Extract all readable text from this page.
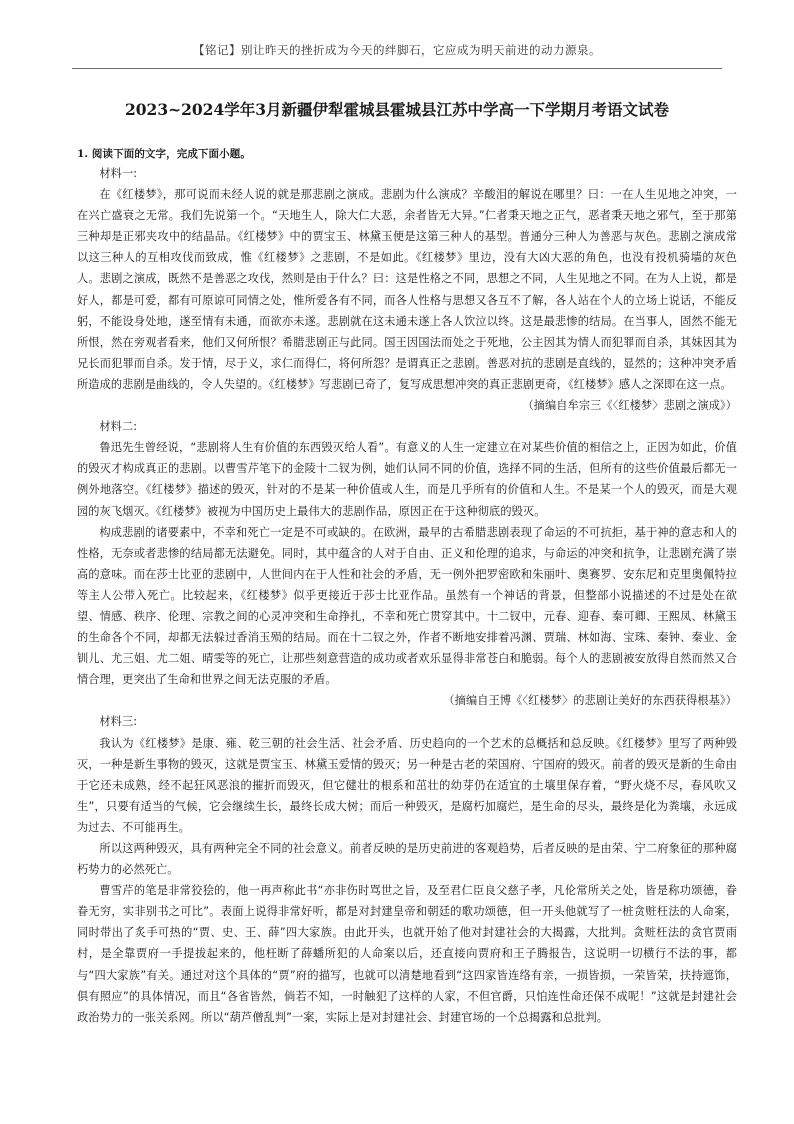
【铭记】别让昨天的挫折成为今天的绊脚石，它应成为明天前进的动力源泉。
2023~2024学年3月新疆伊犁霍城县霍城县江苏中学高一下学期月考语文试卷

1. 阅读下面的文字，完成下面小题。

材料一:

在《红楼梦》，那可说而未经人说的就是那悲剧之演成。悲剧为什么演成？辛酸泪的解说在哪里？曰：一在人生见地之冲突，一在兴亡盛衰之无常。我们先说第一个。“天地生人，除大仁大恶，余者皆无大异。”仁者秉天地之正气，恶者秉天地之邪气，至于那第三种却是正邪夹攻中的结晶品。《红楼梦》中的贾宝玉、林黛玉便是这第三种人的基型。普通分三种人为善恶与灰色。悲剧之演成常以这三种人的互相攻伐而致成，惟《红楼梦》之悲剧，不是如此。《红楼梦》里边，没有大凶大恶的角色，也没有投机骑墙的灰色人。悲剧之演成，既然不是善恶之攻伐，然则是由于什么？曰：这是性格之不同，思想之不同，人生见地之不同。在为人上说，都是好人，都是可爱，都有可原谅可同情之处，惟所爱各有不同，而各人性格与思想又各互不了解，各人站在个人的立场上说话，不能反躬，不能设身处地，遂至情有未通，而欲亦未遂。悲剧就在这未通未遂上各人饮泣以终。这是最悲惨的结局。在当事人，固然不能无所恨，然在旁观者看来，他们又何所恨？希腊悲剧正与此同。国王因国法而处之于死地，公主因其为情人而犯罪而自杀，其妹因其为兄长而犯罪而自杀。发于情，尽于义，求仁而得仁，将何所怨？是谓真正之悲剧。善恶对抗的悲剧是直线的，显然的；这种冲突矛盾所造成的悲剧是曲线的，令人失望的。《红楼梦》写悲剧已奇了，复写成思想冲突的真正悲剧更奇，《红楼梦》感人之深即在这一点。

（摘编自牟宗三《〈红楼梦〉悲剧之演成》）

材料二:

鲁迅先生曾经说，“悲剧将人生有价值的东西毁灭给人看”。有意义的人生一定建立在对某些价值的相信之上，正因为如此，价值的毁灭才构成真正的悲剧。以曹雪芹笔下的金陵十二钗为例，她们认同不同的价值，选择不同的生活，但所有的这些价值最后都无一例外地落空。《红楼梦》描述的毁灭，针对的不是某一种价值或人生，而是几乎所有的价值和人生。不是某一个人的毁灭，而是大观园的灰飞烟灭。《红楼梦》被视为中国历史上最伟大的悲剧作品，原因正在于这种彻底的毁灭。

构成悲剧的诸要素中，不幸和死亡一定是不可或缺的。在欧洲，最早的古希腊悲剧表现了命运的不可抗拒，基于神的意志和人的性格，无奈或者悲惨的结局都无法避免。同时，其中蕴含的人对于自由、正义和伦理的追求，与命运的冲突和抗争，让悲剧充满了崇高的意味。而在莎士比亚的悲剧中，人世间内在于人性和社会的矛盾，无一例外把罗密欧和朱丽叶、奥赛罗、安东尼和克里奥佩特拉等主人公带入死亡。比较起来，《红楼梦》似乎更接近于莎士比亚作品。虽然有一个神话的背景，但整部小说描述的不过是处在欲望、情感、秩序、伦理、宗教之间的心灵冲突和生命挣扎，不幸和死亡贯穿其中。十二钗中，元春、迎春、秦可卿、王熙凤、林黛玉的生命各个不同，却都无法躲过香消玉殒的结局。而在十二钗之外，作者不断地安排着冯渊、贾瑞、林如海、宝珠、秦钟、秦业、金钏儿、尤三姐、尤二姐、晴雯等的死亡，让那些刻意营造的成功或者欢乐显得非常苍白和脆弱。每个人的悲剧被安放得自然而然又合情合理，更突出了生命和世界之间无法克服的矛盾。

（摘编自王博《〈红楼梦〉的悲剧让美好的东西获得根基》）

材料三:

我认为《红楼梦》是康、雍、乾三朝的社会生活、社会矛盾、历史趋向的一个艺术的总概括和总反映。《红楼梦》里写了两种毁灭，一种是新生事物的毁灭，这就是贾宝玉、林黛玉爱情的毁灭；另一种是古老的荣国府、宁国府的毁灭。前者的毁灭是新的生命由于它还未成熟，经不起狂风恶浪的摧折而毁灭，但它健壮的根系和茁壮的幼芽仍在适宜的土壤里保存着，“野火烧不尽，春风吹又生”，只要有适当的气候，它会继续生长，最终长成大树；而后一种毁灭，是腐朽加腐烂，是生命的尽头，最终是化为粪壤，永远成为过去、不可能再生。

所以这两种毁灭，具有两种完全不同的社会意义。前者反映的是历史前进的客观趋势，后者反映的是由荣、宁二府象征的那种腐朽势力的必然死亡。

曹雪芹的笔是非常狡狯的，他一再声称此书“亦非伤时骂世之旨，及至君仁臣良父慈子孝，凡伦常所关之处，皆是称功颂德，眷眷无穷，实非别书之可比”。表面上说得非常好听，都是对封建皇帝和朝廷的歌功颂德，但一开头他就写了一桩贪赃枉法的人命案，同时带出了炙手可热的“贾、史、王、薛”四大家族。由此开头，也就开始了他对封建社会的大揭露，大批判。贪赃枉法的贪官贾雨村，是全靠贾府一手提拔起来的，他枉断了薛蟠所犯的人命案以后，还直接向贾府和王子腾报告，这说明一切横行不法的事，都与“四大家族”有关。通过对这个具体的“贾”府的描写，也就可以清楚地看到“这四家皆连络有亲，一损皆损，一荣皆荣，扶持遮饰，俱有照应”的具体情况，而且“各省皆然，倘若不知，一时触犯了这样的人家，不但官爵，只怕连性命还保不成呢！”这就是封建社会政治势力的一张关系网。所以“葫芦僧乱判”一案，实际上是对封建社会、封建官场的一个总揭露和总批判。
